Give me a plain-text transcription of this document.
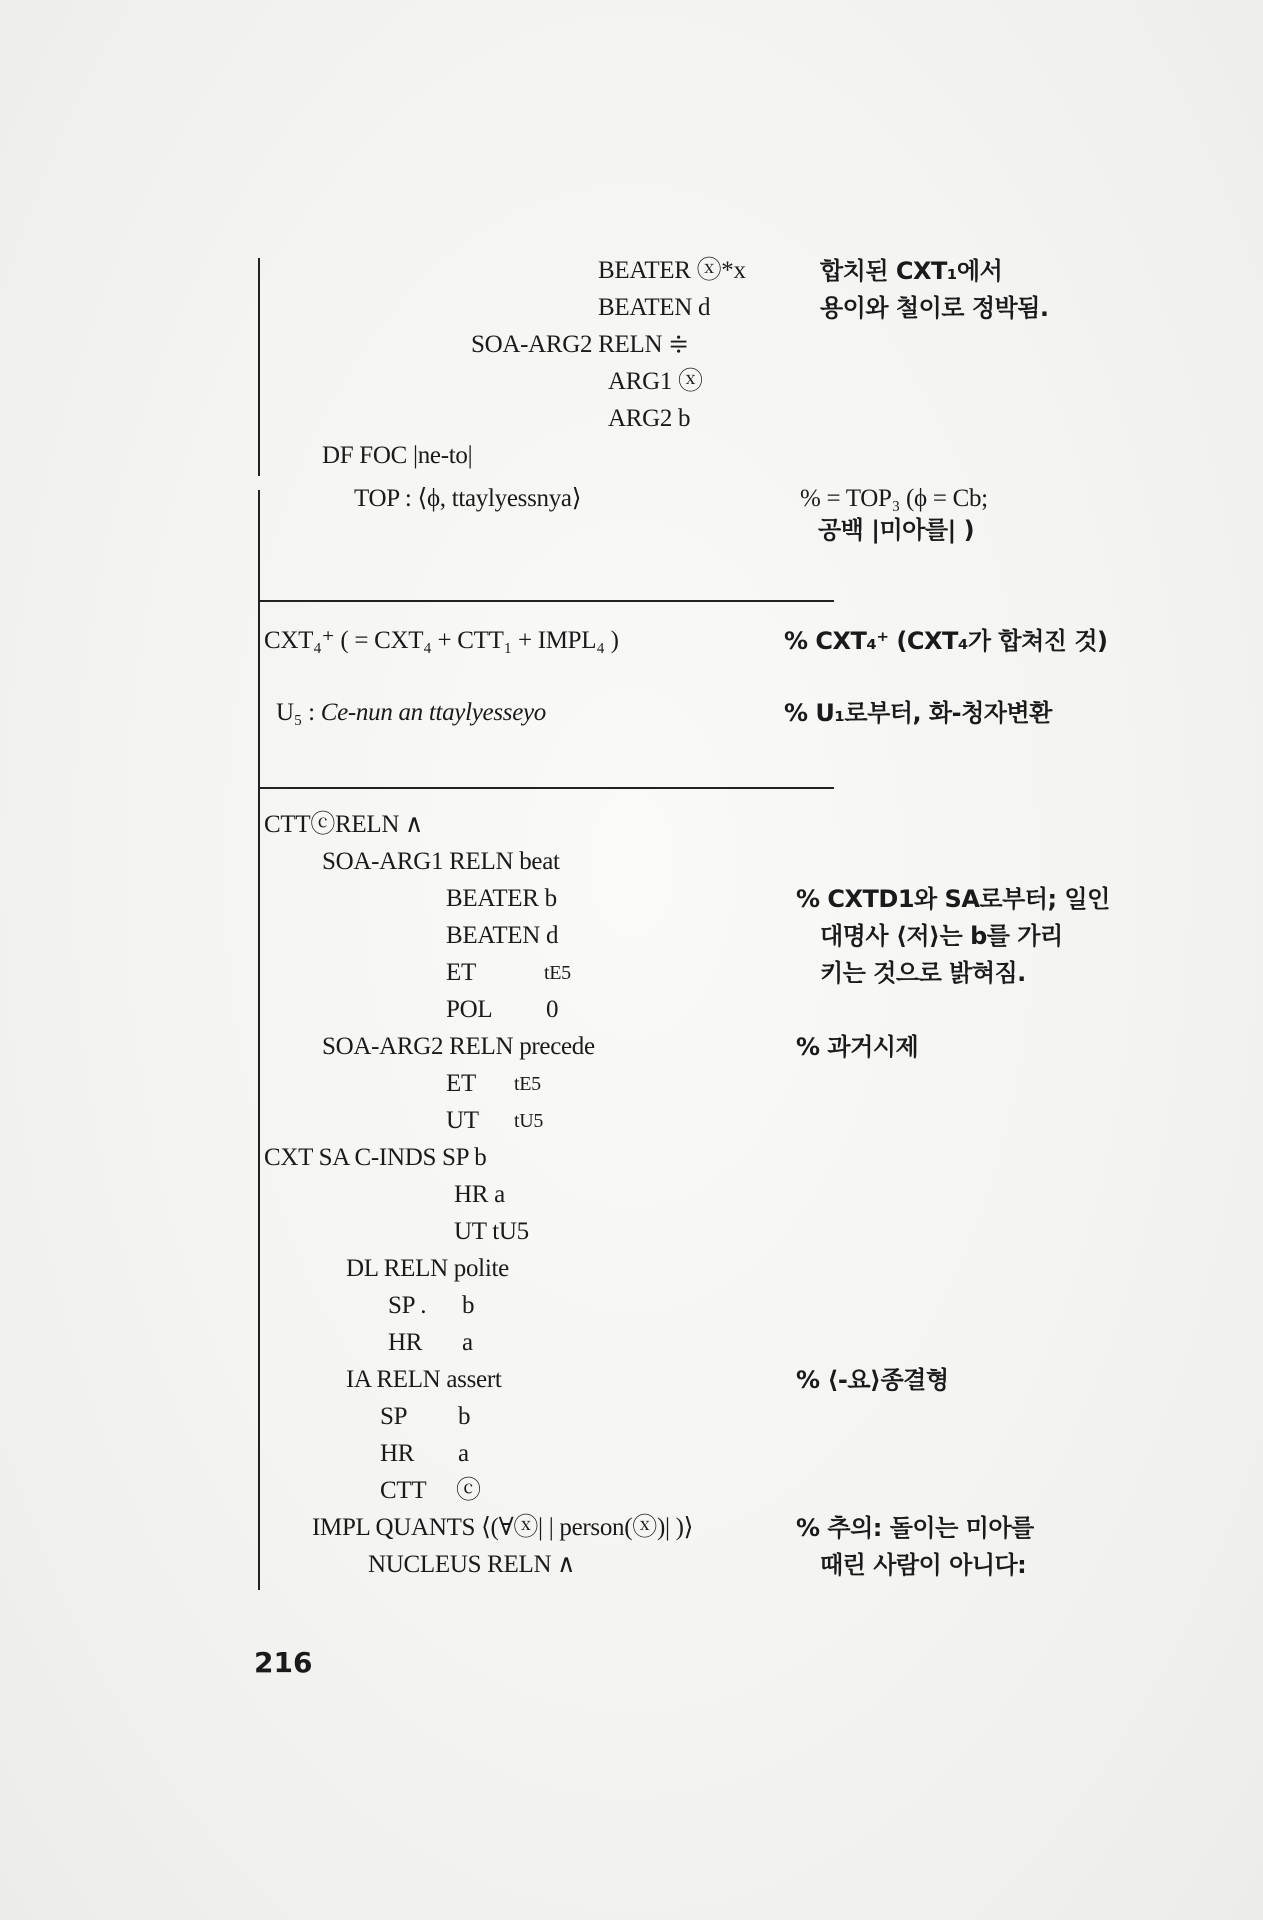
BEATER ⓧ*x
BEATEN d
SOA-ARG2 RELN ≑
ARG1 ⓧ
ARG2 b
DF FOC |ne-to|
TOP : ⟨ϕ, ttaylyessnya⟩
합치된 CXT₁에서
용이와 철이로 정박됨.
% = TOP₃ (ϕ = Cb;
공백 |미아를| )
CXT₄⁺ ( = CXT₄ + CTT₁ + IMPL₄ )
U₅ : Ce-nun an ttaylyesseyo
% CXT₄⁺ (CXT₄가 합쳐진 것)
% U₁로부터, 화-청자변환
CTTⓒRELN ∧
SOA-ARG1 RELN beat
BEATER b
BEATEN d
ET	tE5
POL 0
SOA-ARG2 RELN precede
ET tE5
UT tU5
CXT SA C-INDS SP b
HR a
UT tU5
DL RELN polite
SP . b
HR a
IA RELN assert
SP b
HR a
CTT ⓒ
IMPL QUANTS ⟨(∀ⓧ| | person(ⓧ)| )⟩
NUCLEUS RELN ∧
% CXTD1와 SA로부터; 일인
대명사 ⟨저⟩는 b를 가리
키는 것으로 밝혀짐.
% 과거시제
% ⟨-요⟩종결형
% 추의: 돌이는 미아를
때린 사람이 아니다:
216
